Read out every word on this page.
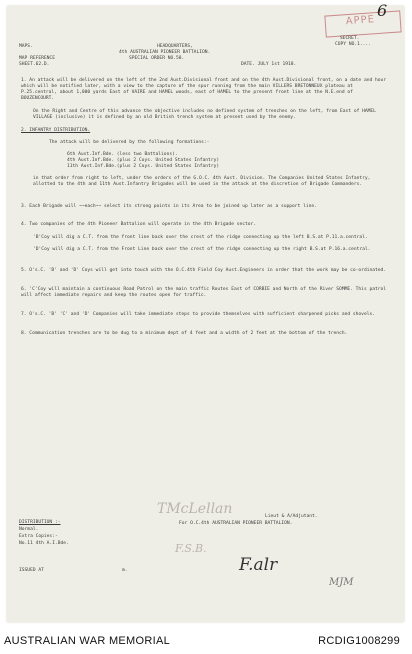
APPE
6
MAPS.	HEADQUARTERS,
4th AUSTRALIAN PIONEER BATTALION.
SPECIAL ORDER NO.58.
MAP REFERENCE
SHEET.62.D.
SECRET.
COPY NO.1....
DATE. JULY 1st 1918.
1. An attack will be delivered on the left of the 2nd Aust.Divisional front and on the 4th Aust.Divisional front, on a date and hour which will be notified later, with a view to the capture of the spur running from the main VILLERS BRETONNEUX plateau at P.25.central, about 1,000 yards East of VAIRE and HAMEL woods, east of HAMEL to the present front line at the N.E.end of BOUZENCOURT.
On the Right and Centre of this advance the objective includes no defined system of trenches on the left, from East of HAMEL VILLAGE (inclusive) it is defined by an old British trench system at present used by the enemy.
2. INFANTRY DISTRIBUTION.
The attack will be delivered by the following formations:-
6th Aust.Inf.Bde. (less two Battalions).
4th Aust.Inf.Bde. (plus 2 Coys. United States Infantry)
11th Aust.Inf.Bde.(plus 2 Coys. United States Infantry)
in that order from right to left, under the orders of the G.O.C. 4th Aust. Division. The Companies United States Infantry, allotted to the 4th and 11th Aust.Infantry Brigades will be used in the attack at the discretion of Brigade Commanders.
3. Each Brigade will ~~each~~ select its strong points in its Area to be joined up later as a support line.
4. Two companies of the 4th Pioneer Battalion will operate in the 4th Brigade sector.
'B'Coy will dig a C.T. from the front line back over the crest of the ridge connecting up the left B.S.at P.11.a.central.
'D'Coy will dig a C.T. from the Front Line back over the crest of the ridge connecting up the right B.S.at P.16.a.central.
5. O's.C. 'B' and 'D' Coys will get into touch with the O.C.4th Field Coy Aust.Engineers in order that the work may be co-ordinated.
6. 'C'Coy will maintain a continuous Road Patrol on the main traffic Routes East of CORBIE and North of the River SOMME. This patrol will affect immediate repairs and keep the routes open for traffic.
7. O's.C. 'B' 'C' and 'D' Companies will take immediate steps to provide themselves with sufficient sharpened picks and shovels.
8. Communication trenches are to be dug to a minimum dept of 4 feet and a width of 2 feet at the bottom of the trench.
TMcLellan	Lieut & A/Adjutant.
For O.C.4th AUSTRALIAN PIONEER BATTALION.
DISTRIBUTION :-
Normal.
Extra Copies:-
No.11 4th A.I.Bde.
ISSUED AT	m.
F.S.B.
F.alr
MJM
AUSTRALIAN WAR MEMORIAL	RCDIG1008299
